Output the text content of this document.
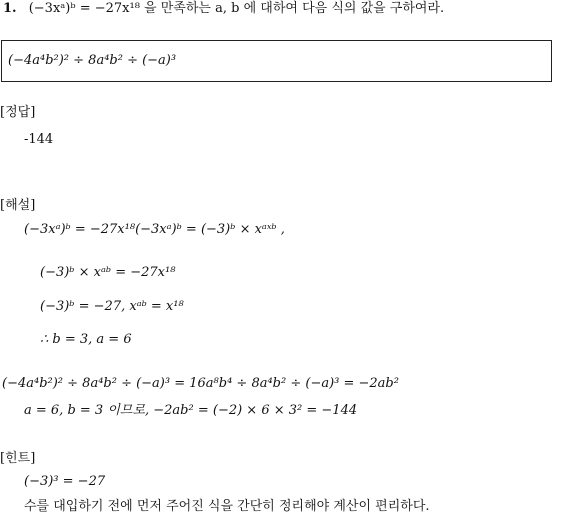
1. (−3xᵃ)ᵇ = −27x¹⁸ 을 만족하는 a, b 에 대하여 다음 식의 값을 구하여라.
(−4a⁴b²)² ÷ 8a⁴b² ÷ (−a)³
[정답]
-144
[해설]
(−3xᵃ)ᵇ = −27x¹⁸(−3xᵃ)ᵇ = (−3)ᵇ × xᵃˣᵇ ,
(−3)ᵇ × xᵃᵇ = −27x¹⁸
(−3)ᵇ = −27, xᵃᵇ = x¹⁸
∴ b = 3, a = 6
(−4a⁴b²)² ÷ 8a⁴b² ÷ (−a)³ = 16a⁸b⁴ ÷ 8a⁴b² ÷ (−a)³ = −2ab²
a = 6, b = 3 이므로, −2ab² = (−2) × 6 × 3² = −144
[힌트]
(−3)³ = −27
수를 대입하기 전에 먼저 주어진 식을 간단히 정리해야 계산이 편리하다.
